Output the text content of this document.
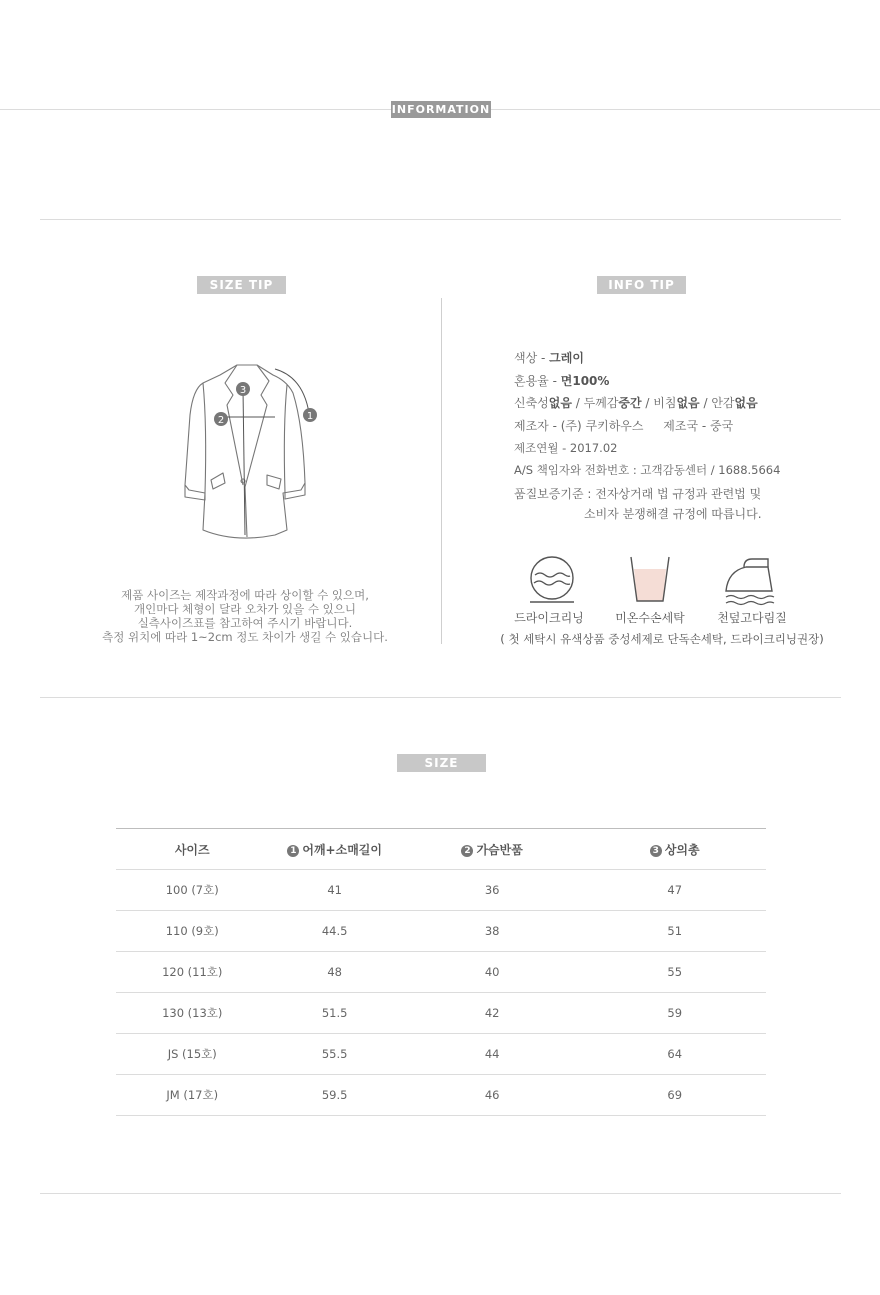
INFORMATION
SIZE TIP
1
2
3
제품 사이즈는 제작과정에 따라 상이할 수 있으며,
개인마다 체형이 달라 오차가 있을 수 있으니
실측사이즈표를 참고하여 주시기 바랍니다.
측정 위치에 따라 1~2cm 정도 차이가 생길 수 있습니다.
INFO TIP
색상 - 그레이
혼용율 - 면100%
신축성없음 / 두께감중간 / 비침없음 / 안감없음
제조자 - (주) 쿠키하우스 제조국 - 중국
제조연월 - 2017.02
A/S 책임자와 전화번호 : 고객감동센터 / 1688.5664
품질보증기준 : 전자상거래 법 규정과 관련법 및
소비자 분쟁해결 규정에 따릅니다.
드라이크리닝	미온수손세탁	천덮고다림질
( 첫 세탁시 유색상품 중성세제로 단독손세탁, 드라이크리닝권장)
SIZE
사이즈	1 어깨+소매길이	2 가슴반품	3 상의총
100 (7호)	41	36	47
110 (9호)	44.5	38	51
120 (11호)	48	40	55
130 (13호)	51.5	42	59
JS (15호)	55.5	44	64
JM (17호)	59.5	46	69
